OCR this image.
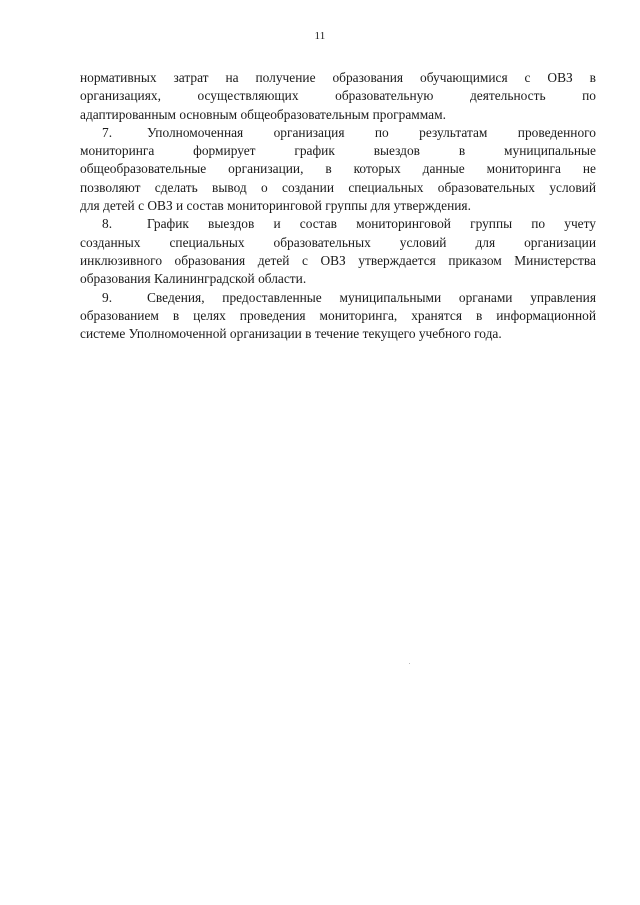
11
нормативных затрат на получение образования обучающимися с ОВЗ в
организациях, осуществляющих образовательную деятельность по
адаптированным основным общеобразовательным программам.
7.	Уполномоченная организация по результатам проведенного
мониторинга формирует график выездов в муниципальные
общеобразовательные организации, в которых данные мониторинга не
позволяют сделать вывод о создании специальных образовательных условий
для детей с ОВЗ и состав мониторинговой группы для утверждения.
8.	График выездов и состав мониторинговой группы по учету
созданных специальных образовательных условий для организации
инклюзивного образования детей с ОВЗ утверждается приказом Министерства
образования Калининградской области.
9.	Сведения, предоставленные муниципальными органами управления
образованием в целях проведения мониторинга, хранятся в информационной
системе Уполномоченной организации в течение текущего учебного года.
